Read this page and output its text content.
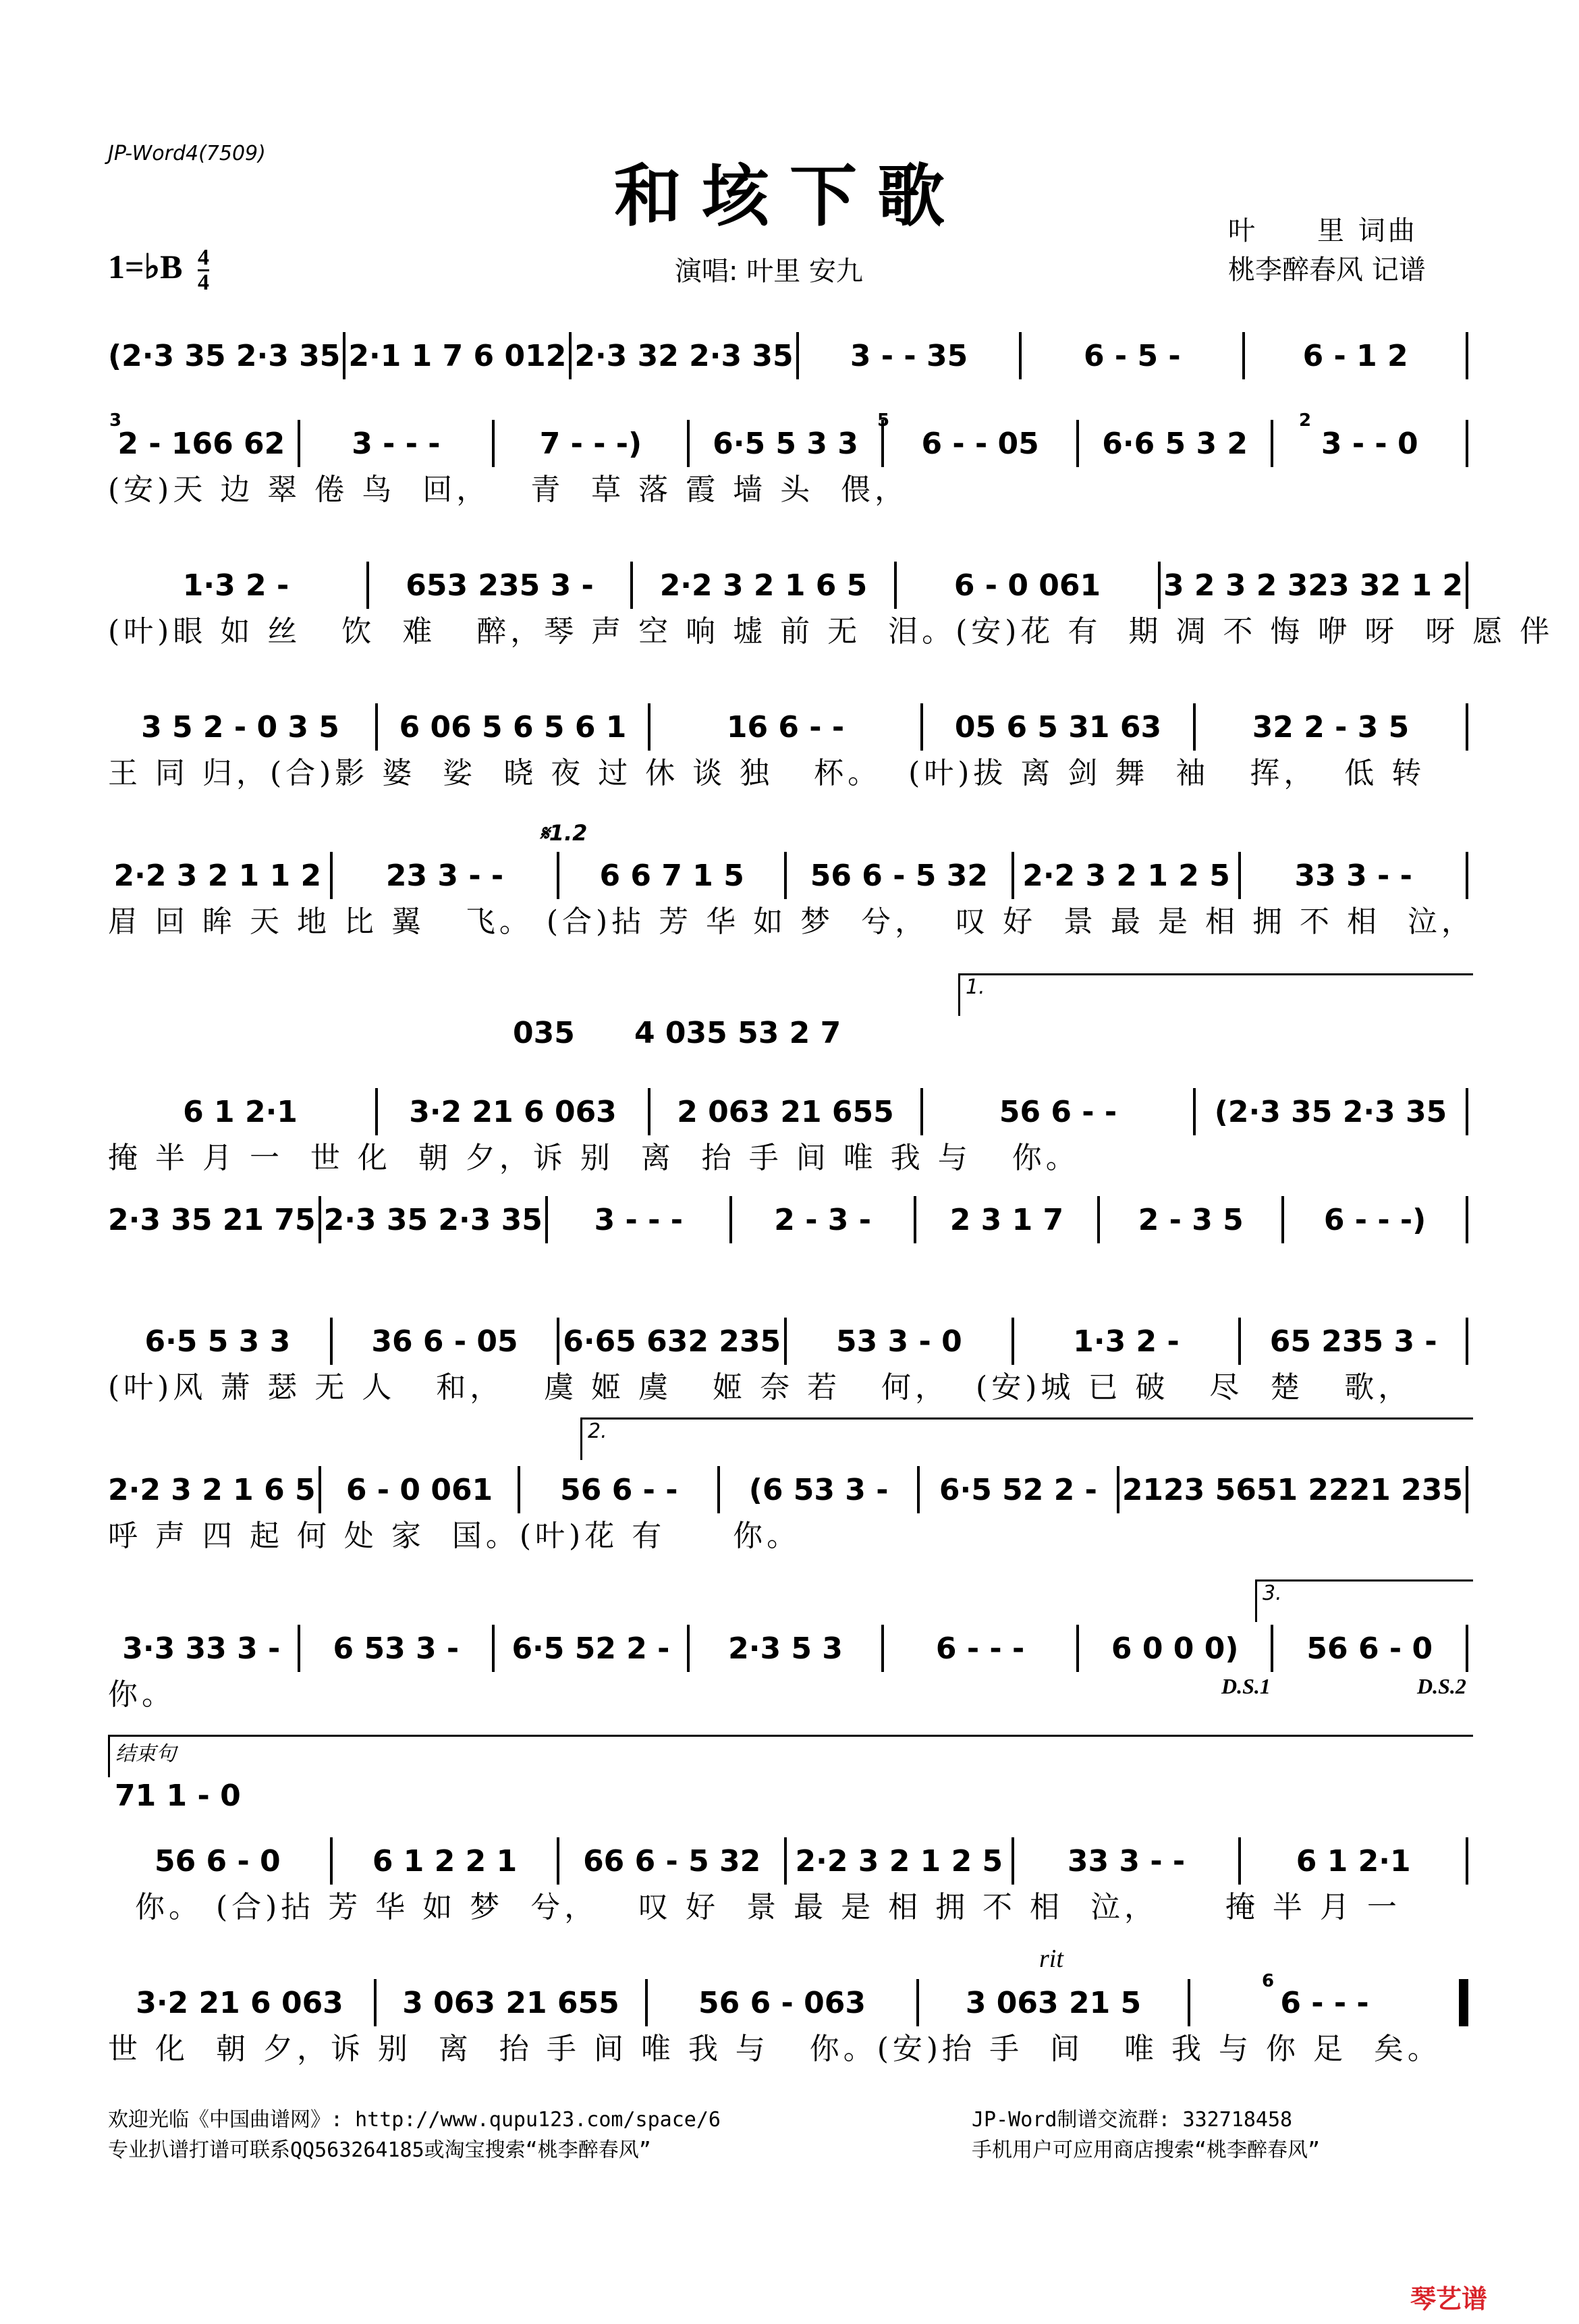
JP-Word4(7509)
和垓下歌
1=♭B $\frac{4}{4}$	演唱: 叶里 安九
叶　　里 词曲
桃李醉春风 记谱
(2·3 35 2·3 35 2·1 1 7 6 012 2·3 32 2·3 35	3 - - 35	6 - 5 -	6 - 1 2
2 - 166 62	3 - - -	7 - - -)	6·5 5 3 3	6 - - 05	6·6 5 3 2	3 - - 0
(安)天 边 翠 倦 鸟  回，   青  草 落 霞 墙 头  偎，
1·3 2 -	653 235 3 -	2·2 3 2 1 6 5	6 - 0 061	3 2 3 2 323 32 1 2
(叶)眼 如 丝   饮  难   醉，琴 声 空 响 墟 前 无  泪。(安)花 有  期 凋 不 悔 咿 呀  呀 愿 伴
3 5 2 - 0 3 5	6 06 5 6 5 6 1	16 6 - -	05 6 5 31 63	32 2 - 3 5
王 同 归，(合)影 婆  娑  晓 夜 过 休 谈 独   杯。  (叶)拔 离 剑 舞  袖   挥，  低 转
2·2 3 2 1 1 2	23 3 - -	6 6 7 1 5	56 6 - 5 32	2·2 3 2 1 2 5	33 3 - -
眉 回 眸 天 地 比 翼   飞。 (合)拈 芳 华 如 梦  兮，  叹 好  景 最 是 相 拥 不 相  泣，
6 1 2·1	3·2 21 6 063	2 063 21 655	56 6 - -	(2·3 35 2·3 35
掩 半 月 一  世 化  朝 夕，诉 别  离  抬 手 间 唯 我 与   你。
2·3 35 21 75 2·3 35 2·3 35	3 - - -	2 - 3 -	2 3 1 7	2 - 3 5	6 - - -)
6·5 5 3 3	36 6 - 05	6·65 632 235	53 3 - 0	1·3 2 -	65 235 3 -
(叶)风 萧 瑟 无 人   和，   虞 姬 虞   姬 奈 若   何，  (安)城 已 破   尽  楚   歌，
2·2 3 2 1 6 5	6 - 0 061	56 6 - -	(6 53 3 -	6·5 52 2 - 2123 5651 2221 235
呼 声 四 起 何 处 家  国。(叶)花 有     你。
3·3 33 3 -	6 53 3 -	6·5 52 2 -	2·3 5 3	6 - - -	6 0 0 0)	56 6 - 0
你。
56 6 - 0	6 1 2 2 1	66 6 - 5 32	2·2 3 2 1 2 5	33 3 - -	6 1 2·1
你。 (合)拈 芳 华 如 梦  兮，   叹 好  景 最 是 相 拥 不 相  泣，     掩 半 月 一
3·2 21 6 063	3 063 21 655	56 6 - 063	3 063 21 5	6 - - -
世 化  朝 夕，诉 别  离  抬 手 间 唯 我 与   你。(安)抬 手  间   唯 我 与 你 足  矣。
035 4 035 53 2 7
1.
𝄋1.2
2.
3.
D.S.1	D.S.2
结束句
71 1 - 0
rit
3	5	2
6
欢迎光临《中国曲谱网》: http://www.qupu123.com/space/6
专业扒谱打谱可联系QQ563264185或淘宝搜索“桃李醉春风”
JP-Word制谱交流群: 332718458
手机用户可应用商店搜索“桃李醉春风”
琴艺谱
